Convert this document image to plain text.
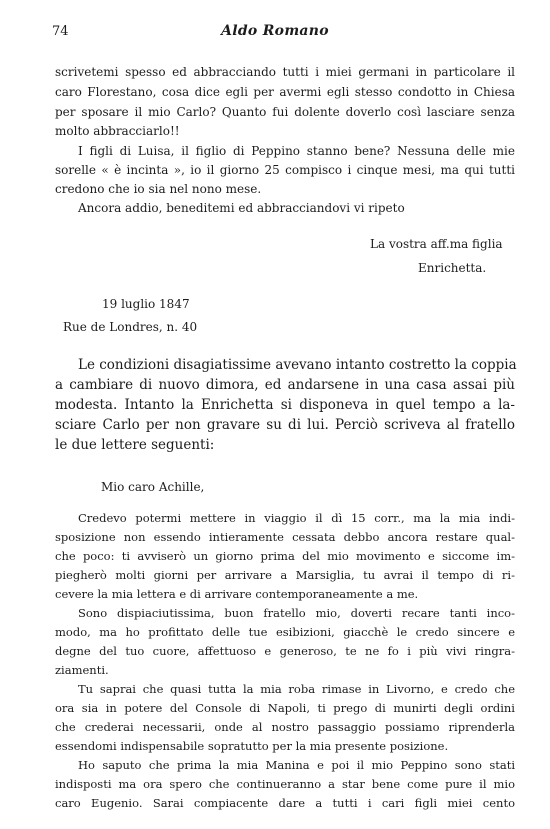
74	Aldo Romano
scrivetemi spesso ed abbracciando tutti i miei germani in particolare il
caro Florestano, cosa dice egli per avermi egli stesso condotto in Chiesa
per sposare il mio Carlo? Quanto fui dolente doverlo così lasciare senza
molto abbracciarlo!!
I figli di Luisa, il figlio di Peppino stanno bene? Nessuna delle mie
sorelle « è incinta », io il giorno 25 compisco i cinque mesi, ma qui tutti
credono che io sia nel nono mese.
Ancora addio, beneditemi ed abbracciandovi vi ripeto
La vostra aff.ma figlia
Enrichetta.
19 luglio 1847
Rue de Londres, n. 40
Le condizioni disagiatissime avevano intanto costretto la coppia
a cambiare di nuovo dimora, ed andarsene in una casa assai più
modesta. Intanto la Enrichetta si disponeva in quel tempo a la-
sciare Carlo per non gravare su di lui. Perciò scriveva al fratello
le due lettere seguenti:
Mio caro Achille,
Credevo potermi mettere in viaggio il dì 15 corr., ma la mia indi-
sposizione non essendo intieramente cessata debbo ancora restare qual-
che poco: ti avviserò un giorno prima del mio movimento e siccome im-
piegherò molti giorni per arrivare a Marsiglia, tu avrai il tempo di ri-
cevere la mia lettera e di arrivare contemporaneamente a me.
Sono dispiaciutissima, buon fratello mio, doverti recare tanti inco-
modo, ma ho profittato delle tue esibizioni, giacchè le credo sincere e
degne del tuo cuore, affettuoso e generoso, te ne fo i più vivi ringra-
ziamenti.
Tu saprai che quasi tutta la mia roba rimase in Livorno, e credo che
ora sia in potere del Console di Napoli, ti prego di munirti degli ordini
che crederai necessarii, onde al nostro passaggio possiamo riprenderla
essendomi indispensabile sopratutto per la mia presente posizione.
Ho saputo che prima la mia Manina e poi il mio Peppino sono stati
indisposti ma ora spero che continueranno a star bene come pure il mio
caro Eugenio. Sarai compiacente dare a tutti i cari figli miei cento
